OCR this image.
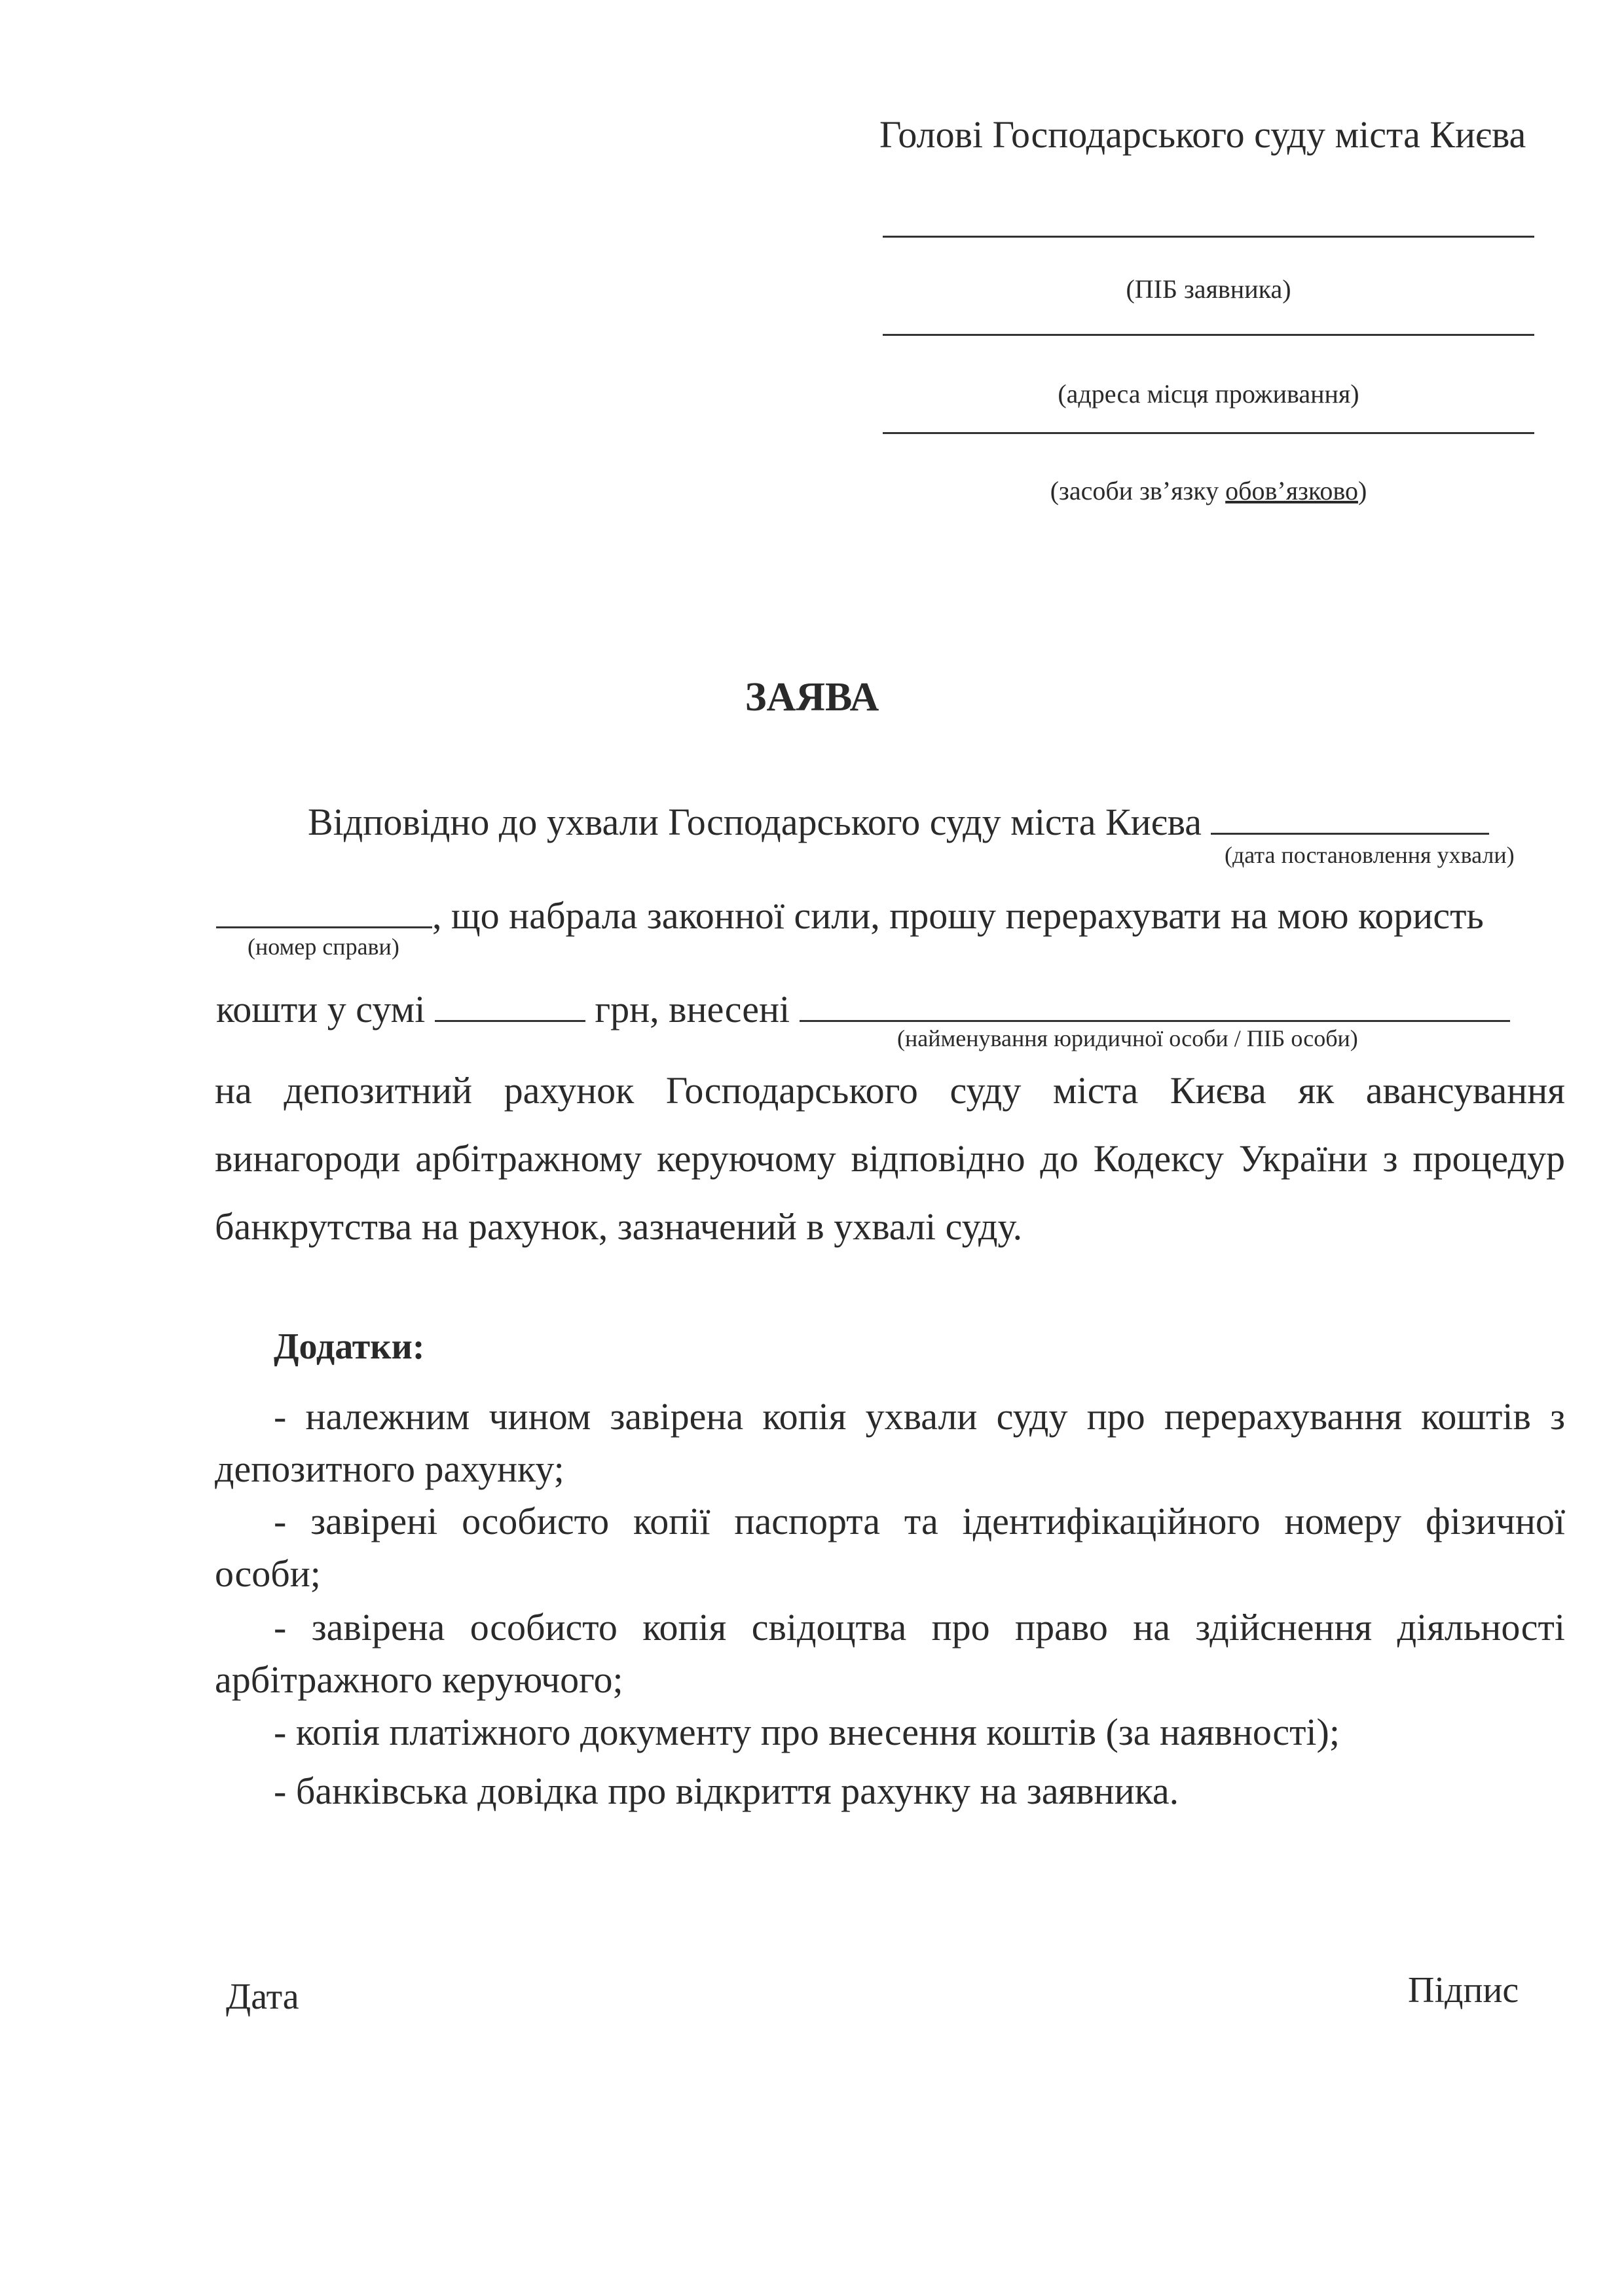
Голові Господарського суду міста Києва
(ПІБ заявника)
(адреса місця проживання)
(засоби зв’язку обов’язково)
ЗАЯВА
Відповідно до ухвали Господарського суду міста Києва
(дата постановлення ухвали)
, що набрала законної сили, прошу перерахувати на мою користь
(номер справи)
кошти у сумі	грн, внесені
(найменування юридичної особи / ПІБ особи)
на депозитний рахунок Господарського суду міста Києва як авансування
винагороди арбітражному керуючому відповідно до Кодексу України з процедур
банкрутства на рахунок, зазначений в ухвалі суду.
Додатки:
- належним чином завірена копія ухвали суду про перерахування коштів з
депозитного рахунку;
- завірені особисто копії паспорта та ідентифікаційного номеру фізичної
особи;
- завірена особисто копія свідоцтва про право на здійснення діяльності
арбітражного керуючого;
- копія платіжного документу про внесення коштів (за наявності);
- банківська довідка про відкриття рахунку на заявника.
Дата	Підпис
